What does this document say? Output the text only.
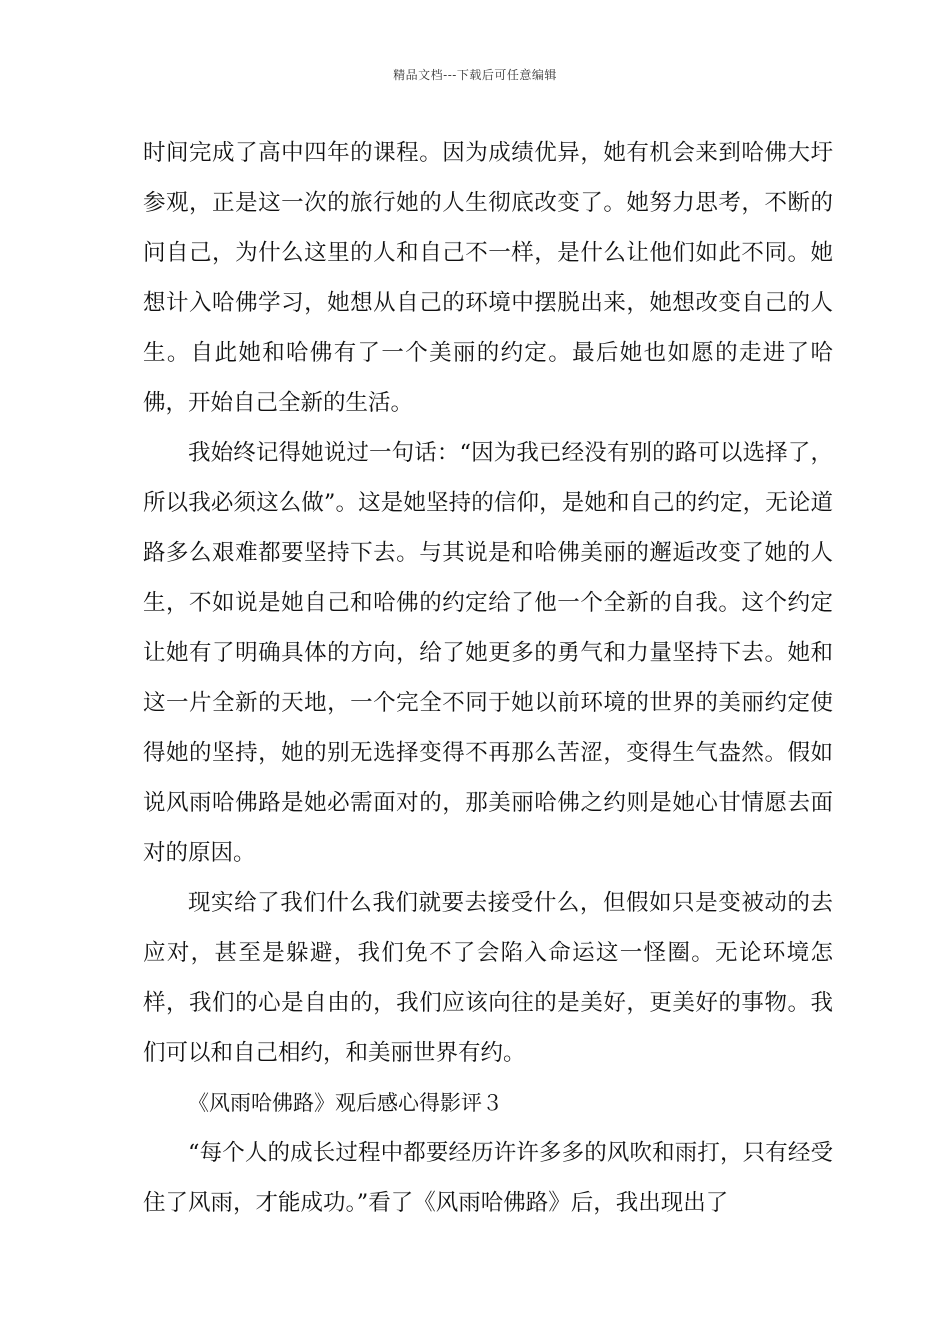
精品文档---下载后可任意编辑

时间完成了高中四年的课程。因为成绩优异，她有机会来到哈佛大圩参观，正是这一次的旅行她的人生彻底改变了。她努力思考，不断的问自己，为什么这里的人和自己不一样，是什么让他们如此不同。她想计入哈佛学习，她想从自己的环境中摆脱出来，她想改变自己的人生。自此她和哈佛有了一个美丽的约定。最后她也如愿的走进了哈佛，开始自己全新的生活。

我始终记得她说过一句话：“因为我已经没有别的路可以选择了，所以我必须这么做”。这是她坚持的信仰，是她和自己的约定，无论道路多么艰难都要坚持下去。与其说是和哈佛美丽的邂逅改变了她的人生，不如说是她自己和哈佛的约定给了他一个全新的自我。这个约定让她有了明确具体的方向，给了她更多的勇气和力量坚持下去。她和这一片全新的天地，一个完全不同于她以前环境的世界的美丽约定使得她的坚持，她的别无选择变得不再那么苦涩，变得生气盎然。假如说风雨哈佛路是她必需面对的，那美丽哈佛之约则是她心甘情愿去面对的原因。

现实给了我们什么我们就要去接受什么，但假如只是变被动的去应对，甚至是躲避，我们免不了会陷入命运这一怪圈。无论环境怎样，我们的心是自由的，我们应该向往的是美好，更美好的事物。我们可以和自己相约，和美丽世界有约。

《风雨哈佛路》观后感心得影评３

“每个人的成长过程中都要经历许许多多的风吹和雨打，只有经受住了风雨，才能成功。”看了《风雨哈佛路》后，我出现出了
